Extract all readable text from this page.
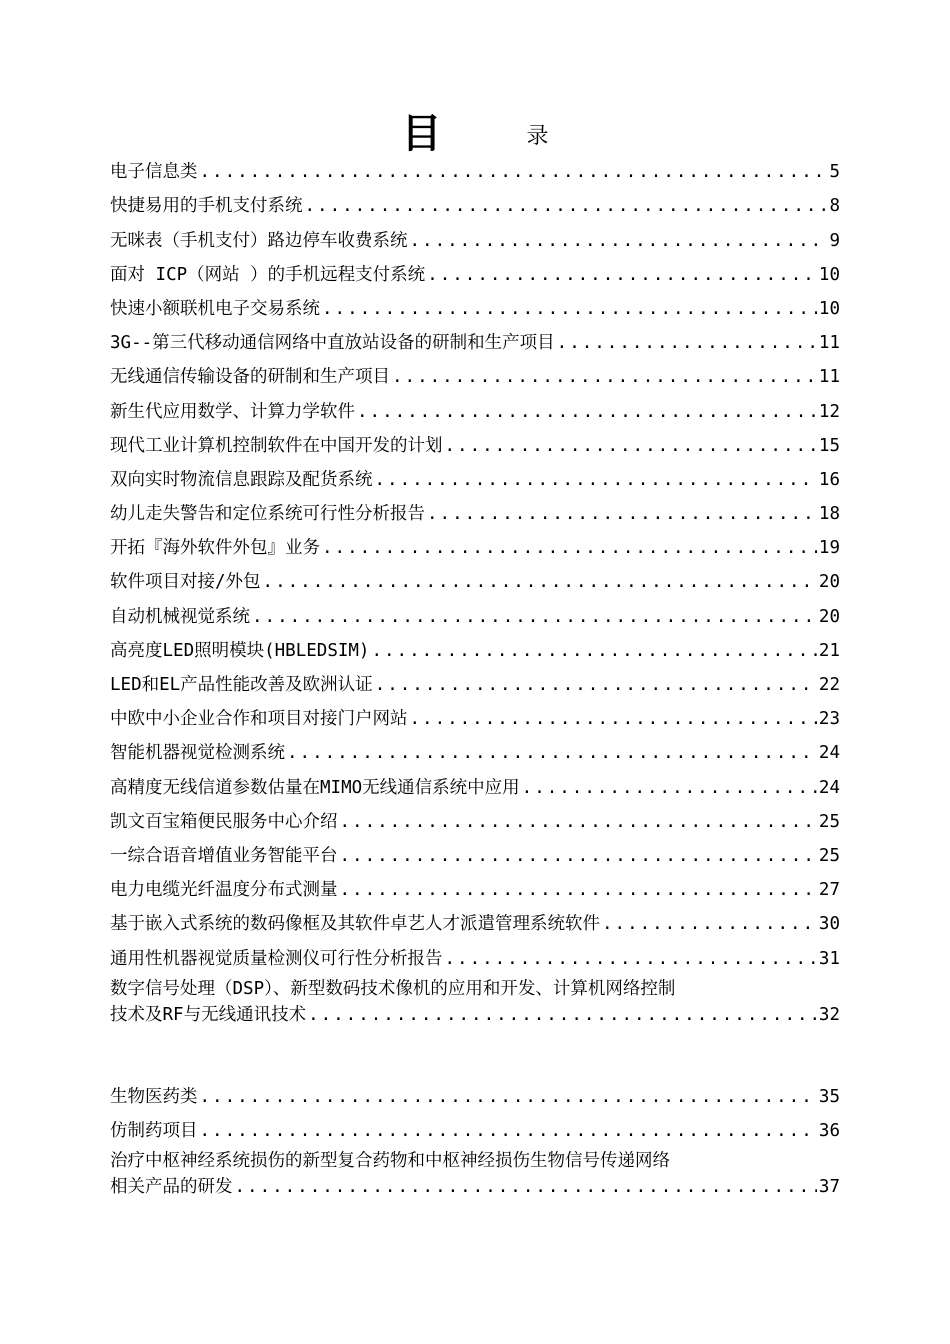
目	录
电子信息类 .....	5
快捷易用的手机支付系统 .....	8
无咪表（手机支付）路边停车收费系统 .....	9
面对 ICP（网站 ）的手机远程支付系统 .....	10
快速小额联机电子交易系统 .....	10
3G--第三代移动通信网络中直放站设备的研制和生产项目 .....	11
无线通信传输设备的研制和生产项目 .....	11
新生代应用数学、计算力学软件 .....	12
现代工业计算机控制软件在中国开发的计划 .....	15
双向实时物流信息跟踪及配货系统 .....	16
幼儿走失警告和定位系统可行性分析报告 .....	18
开拓『海外软件外包』业务 .....	19
软件项目对接/外包 .....	20
自动机械视觉系统 .....	20
高亮度LED照明模块(HBLEDSIM) .....	21
LED和EL产品性能改善及欧洲认证 .....	22
中欧中小企业合作和项目对接门户网站 .....	23
智能机器视觉检测系统 .....	24
高精度无线信道参数估量在MIMO无线通信系统中应用 .....	24
凯文百宝箱便民服务中心介绍 .....	25
一综合语音增值业务智能平台 .....	25
电力电缆光纤温度分布式测量 .....	27
基于嵌入式系统的数码像框及其软件卓艺人才派遣管理系统软件 .....	30
通用性机器视觉质量检测仪可行性分析报告 .....	31
数字信号处理（DSP）、新型数码技术像机的应用和开发、计算机网络控制
技术及RF与无线通讯技术 .....	32
生物医药类 .....	35
仿制药项目 .....	36
治疗中枢神经系统损伤的新型复合药物和中枢神经损伤生物信号传递网络
相关产品的研发 .....	37
